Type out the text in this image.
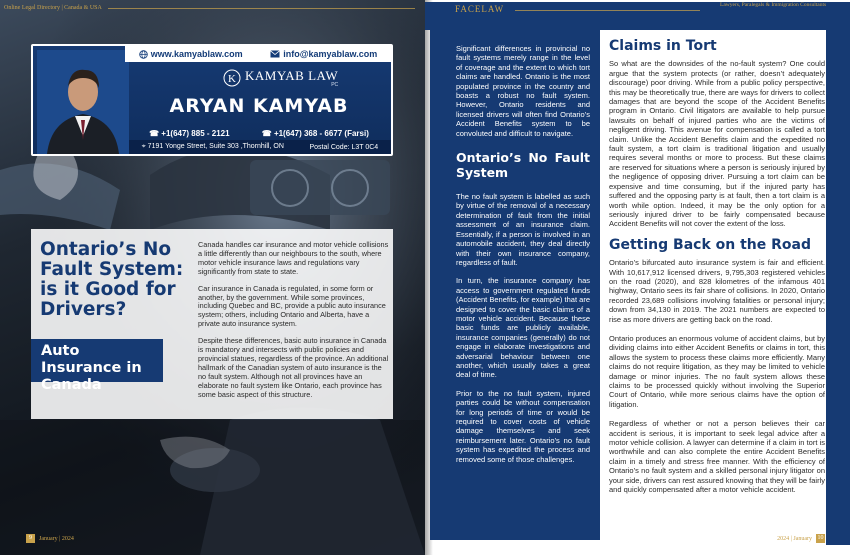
Online Legal Directory | Canada & USA
www.kamyablaw.com	info@kamyablaw.com
K KAMYAB LAW
PC
ARYAN KAMYAB
☎ +1(647) 885 - 2121	☎ +1(647) 368 - 6677 (Farsi)
⌖ 7191 Yonge Street, Suite 303 ,Thornhill, ON	Postal Code: L3T 0C4
Ontario’s No Fault System: is it Good for Drivers?
Auto Insurance in Canada

Canada handles car insurance and motor vehicle collisions a little differently than our neighbours to the south, where motor vehicle insurance laws and regulations vary significantly from state to state.

Car insurance in Canada is regulated, in some form or another, by the government. While some provinces, including Quebec and BC, provide a public auto insurance system; others, including Ontario and Alberta, have a private auto insurance system.

Despite these differences, basic auto insurance in Canada is mandatory and intersects with public policies and provincial statues, regardless of the province. An additional hallmark of the Canadian system of auto insurance is the no fault system. Although not all provinces have an elaborate no fault system like Ontario, each province has some basic aspect of this structure.

9	January | 2024
FACELAW

Significant differences in provincial no fault systems merely range in the level of coverage and the extent to which tort claims are handled. Ontario is the most populated province in the country and boasts a robust no fault system. However, Ontario residents and licensed drivers will often find Ontario’s Accident Benefits system to be convoluted and difficult to navigate.

Ontario’s No Fault System

The no fault system is labelled as such by virtue of the removal of a necessary determination of fault from the initial assessment of an insurance claim. Essentially, if a person is involved in an automobile accident, they deal directly with their own insurance company, regardless of fault.

In turn, the insurance company has access to government regulated funds (Accident Benefits, for example) that are designed to cover the basic claims of a motor vehicle accident. Because these basic funds are publicly available, insurance companies (generally) do not engage in elaborate investigations and adversarial behaviour between one another, which usually takes a great deal of time.

Prior to the no fault system, injured parties could be without compensation for long periods of time or would be required to cover costs of vehicle damage themselves and seek reimbursement later. Ontario’s no fault system has expedited the process and removed some of those challenges.

Claims in Tort

So what are the downsides of the no-fault system? One could argue that the system protects (or rather, doesn’t adequately discourage) poor driving. While from a public policy perspective, this may be theoretically true, there are ways for drivers to collect damages that are beyond the scope of the Accident Benefits program in Ontario. Civil litigators are available to help pursue lawsuits on behalf of injured parties who are the victims of negligent driving. This avenue for compensation is called a tort claim. Unlike the Accident Benefits claim and the expedited no fault system, a tort claim is traditional litigation and usually requires several months or more to process. But these claims are reserved for situations where a person is seriously injured by the negligence of opposing driver. Pursuing a tort claim can be expensive and time consuming, but if the injured party has suffered and the opposing party is at fault, then a tort claim is a worth while option. Indeed, it may be the only option for a seriously injured driver to be fairly compensated because Accident Benefits will not cover the extent of the loss.

Getting Back on the Road

Ontario’s bifurcated auto insurance system is fair and efficient. With 10,617,912 licensed drivers, 9,795,303 registered vehicles on the road (2020), and 828 kilometres of the infamous 401 highway, Ontario sees its fair share of collisions. In 2020, Ontario recorded 23,689 collisions involving fatalities or personal injury; down from 34,130 in 2019. The 2021 numbers are expected to rise as more drivers are getting back on the road.

Ontario produces an enormous volume of accident claims, but by dividing claims into either Accident Benefits or claims in tort, this allows the system to process these claims more efficiently. Many claims do not require litigation, as they may be limited to vehicle damage or minor injuries. The no fault system allows these claims to be processed quickly without involving the Superior Court of Ontario, while more serious claims have the option of litigation.

Regardless of whether or not a person believes their car accident is serious, it is important to seek legal advice after a motor vehicle collision. A lawyer can determine if a claim in tort is worthwhile and can also complete the entire Accident Benefits claim in a timely and stress free manner. With the efficiency of Ontario’s no fault system and a skilled personal injury litigator on your side, drivers can rest assured knowing that they will be fairly and quickly compensated after a motor vehicle accident.

Lawyers, Paralegals & Immigration Consultants
2024 | January 10
